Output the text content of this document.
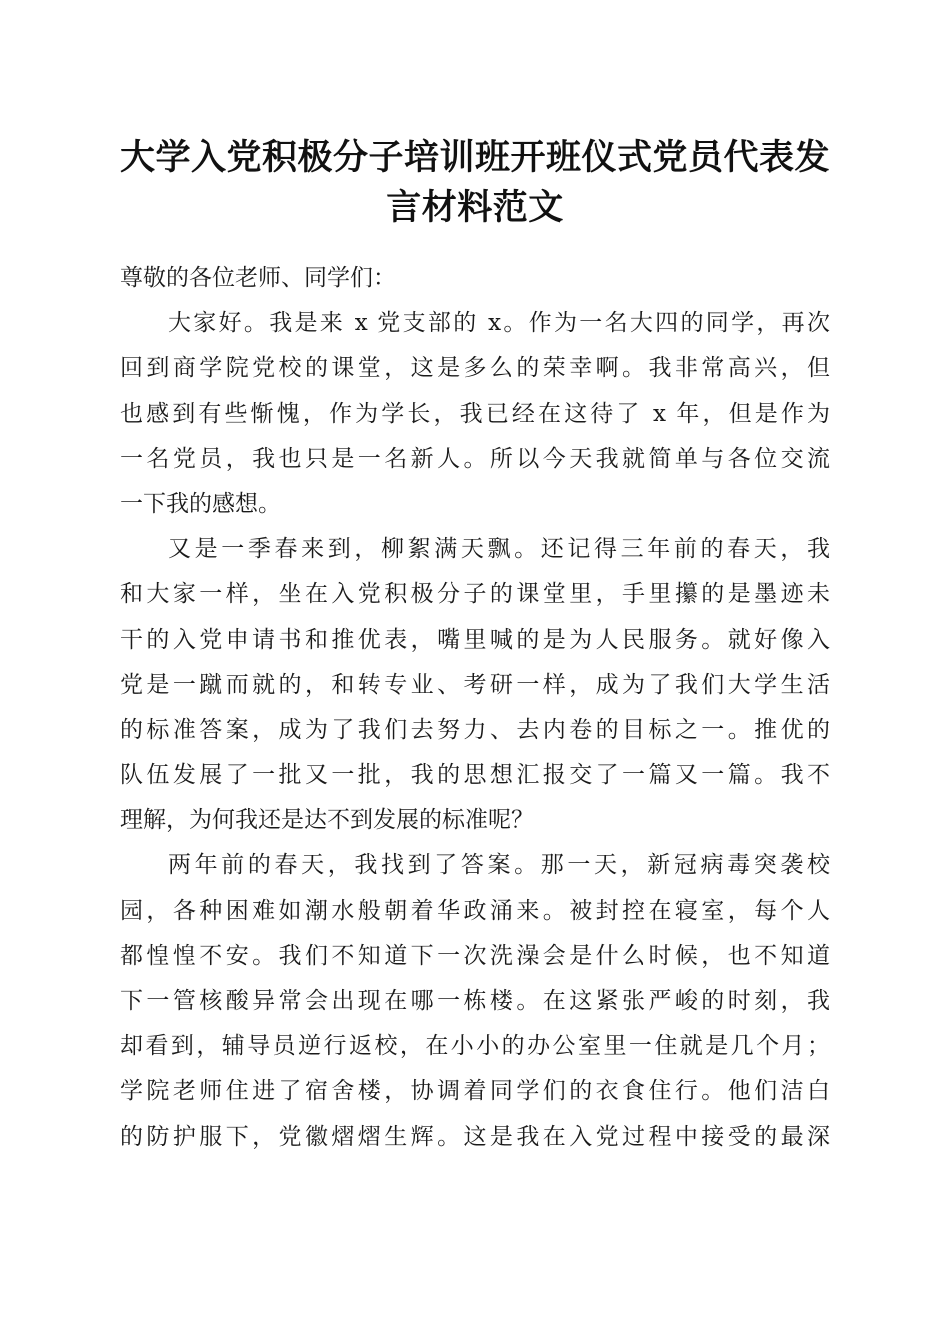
大学入党积极分子培训班开班仪式党员代表发
言材料范文
尊敬的各位老师、同学们：
大家好。我是来 x 党支部的 x。作为一名大四的同学，再次
回到商学院党校的课堂，这是多么的荣幸啊。我非常高兴，但
也感到有些惭愧，作为学长，我已经在这待了 x 年，但是作为
一名党员，我也只是一名新人。所以今天我就简单与各位交流
一下我的感想。
又是一季春来到，柳絮满天飘。还记得三年前的春天，我
和大家一样，坐在入党积极分子的课堂里，手里攥的是墨迹未
干的入党申请书和推优表，嘴里喊的是为人民服务。就好像入
党是一蹴而就的，和转专业、考研一样，成为了我们大学生活
的标准答案，成为了我们去努力、去内卷的目标之一。推优的
队伍发展了一批又一批，我的思想汇报交了一篇又一篇。我不
理解，为何我还是达不到发展的标准呢？
两年前的春天，我找到了答案。那一天，新冠病毒突袭校
园，各种困难如潮水般朝着华政涌来。被封控在寝室，每个人
都惶惶不安。我们不知道下一次洗澡会是什么时候，也不知道
下一管核酸异常会出现在哪一栋楼。在这紧张严峻的时刻，我
却看到，辅导员逆行返校，在小小的办公室里一住就是几个月；
学院老师住进了宿舍楼，协调着同学们的衣食住行。他们洁白
的防护服下，党徽熠熠生辉。这是我在入党过程中接受的最深
